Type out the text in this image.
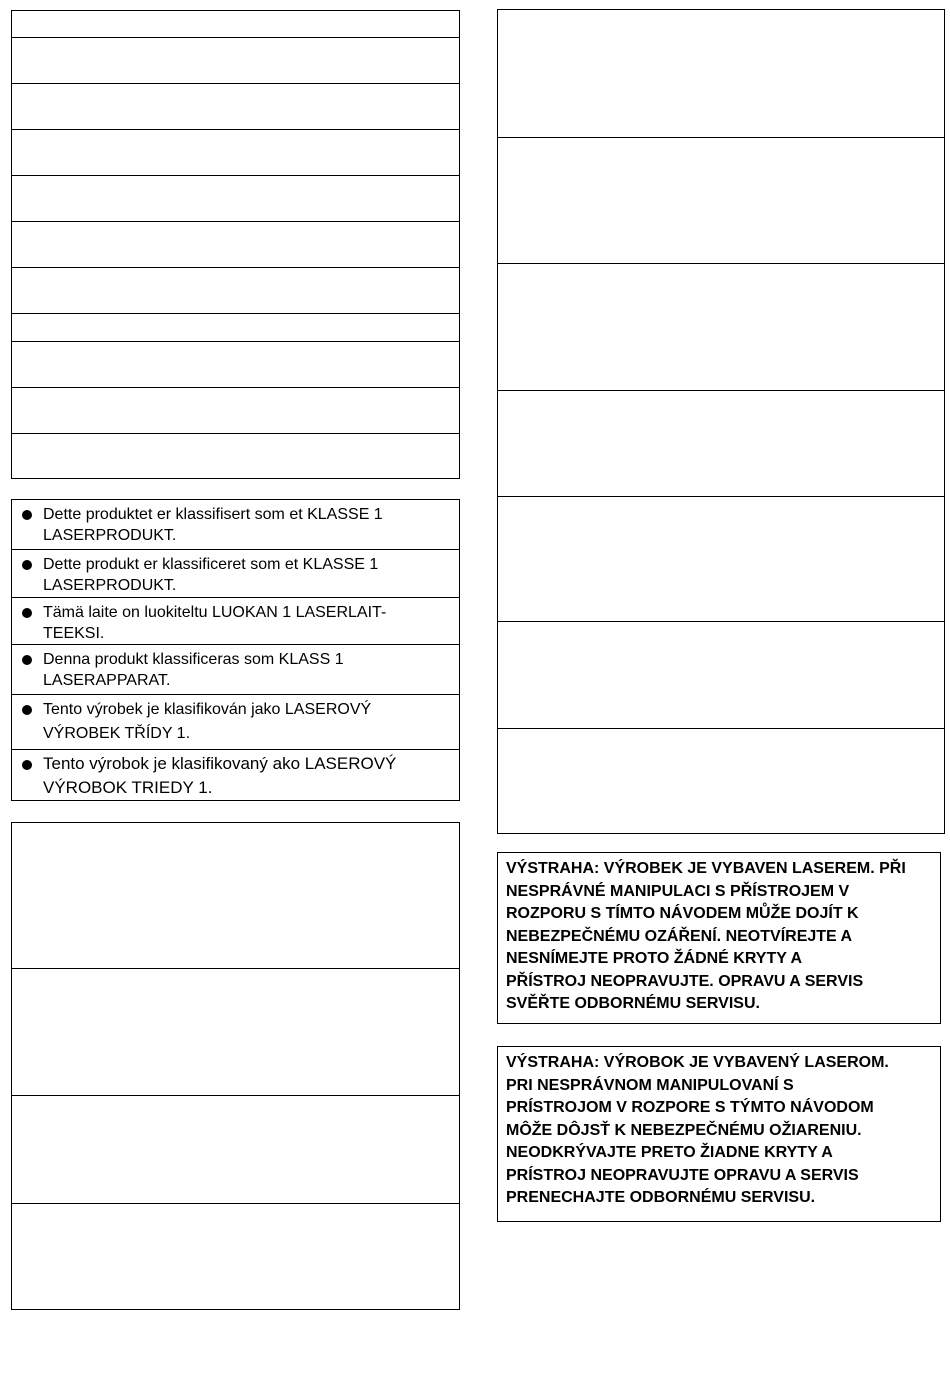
Dette produktet er klassifisert som et KLASSE 1
LASERPRODUKT.
Dette produkt er klassificeret som et KLASSE 1
LASERPRODUKT.
Tämä laite on luokiteltu LUOKAN 1 LASERLAIT-
TEEKSI.
Denna produkt klassificeras som KLASS 1
LASERAPPARAT.
Tento výrobek je klasifikován jako LASEROVÝ
VÝROBEK TŘÍDY 1.
Tento výrobok je klasifikovaný ako LASEROVÝ
VÝROBOK TRIEDY 1.
VÝSTRAHA: VÝROBEK JE VYBAVEN LASEREM. PŘI
NESPRÁVNÉ MANIPULACI S PŘÍSTROJEM V
ROZPORU S TÍMTO NÁVODEM MŮŽE DOJÍT K
NEBEZPEČNÉMU OZÁŘENÍ. NEOTVÍREJTE A
NESNÍMEJTE PROTO ŽÁDNÉ KRYTY A
PŘÍSTROJ NEOPRAVUJTE. OPRAVU A SERVIS
SVĚŘTE ODBORNÉMU SERVISU.
VÝSTRAHA: VÝROBOK JE VYBAVENÝ LASEROM.
PRI NESPRÁVNOM MANIPULOVANÍ S
PRÍSTROJOM V ROZPORE S TÝMTO NÁVODOM
MÔŽE DÔJSŤ K NEBEZPEČNÉMU OŽIARENIU.
NEODKRÝVAJTE PRETO ŽIADNE KRYTY A
PRÍSTROJ NEOPRAVUJTE OPRAVU A SERVIS
PRENECHAJTE ODBORNÉMU SERVISU.
